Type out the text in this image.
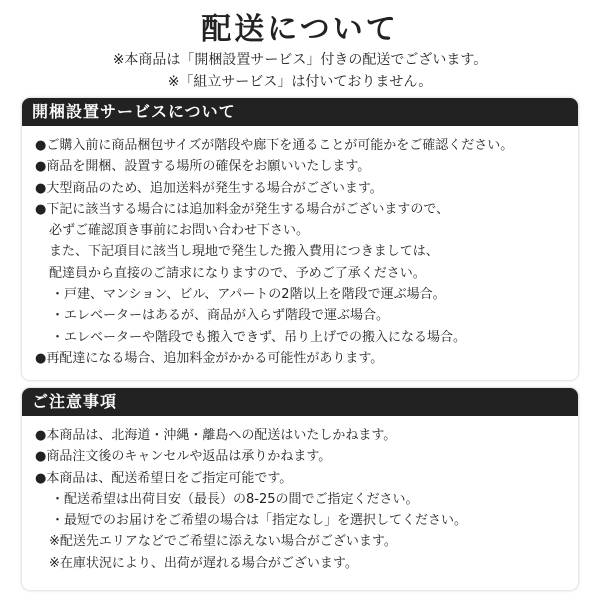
配送について
※本商品は「開梱設置サービス」付きの配送でございます。
※「組立サービス」は付いておりません。
開梱設置サービスについて
●ご購入前に商品梱包サイズが階段や廊下を通ることが可能かをご確認ください。
●商品を開梱、設置する場所の確保をお願いいたします。
●大型商品のため、追加送料が発生する場合がございます。
●下記に該当する場合には追加料金が発生する場合がございますので、
必ずご確認頂き事前にお問い合わせ下さい。
また、下記項目に該当し現地で発生した搬入費用につきましては、
配達員から直接のご請求になりますので、予めご了承ください。
・戸建、マンション、ビル、アパートの2階以上を階段で運ぶ場合。
・エレベーターはあるが、商品が入らず階段で運ぶ場合。
・エレベーターや階段でも搬入できず、吊り上げでの搬入になる場合。
●再配達になる場合、追加料金がかかる可能性があります。
ご注意事項
●本商品は、北海道・沖縄・離島への配送はいたしかねます。
●商品注文後のキャンセルや返品は承りかねます。
●本商品は、配送希望日をご指定可能です。
・配送希望は出荷目安（最長）の8-25の間でご指定ください。
・最短でのお届けをご希望の場合は「指定なし」を選択してください。
※配送先エリアなどでご希望に添えない場合がございます。
※在庫状況により、出荷が遅れる場合がございます。
